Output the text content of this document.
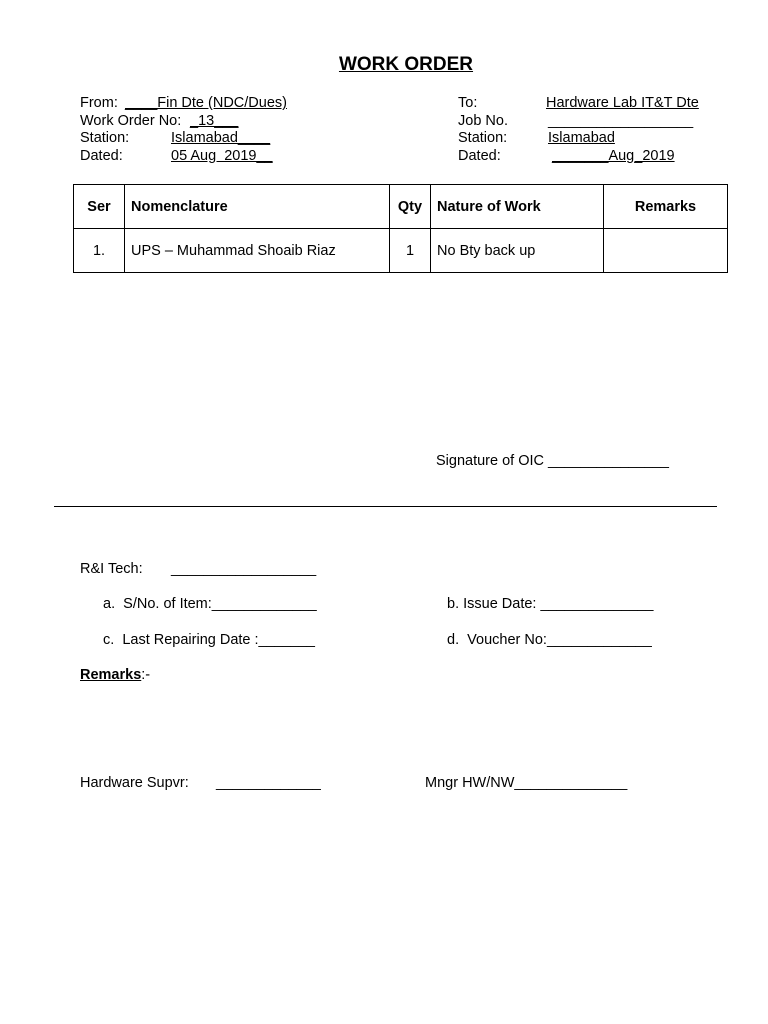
WORK ORDER
From: ____Fin Dte (NDC/Dues)
Work Order No: _13___
Station:	Islamabad____
Dated:	05 Aug  2019__
To:	Hardware Lab IT&T Dte
Job No.	__________________
Station:	Islamabad
Dated:	_______Aug_2019
Ser	Nomenclature	Qty	Nature of Work	Remarks
1.	UPS – Muhammad Shoaib Riaz	1	No Bty back up	
Signature of OIC _______________
R&I Tech: __________________
a.  S/No. of Item:_____________	b. Issue Date: ______________
c.  Last Repairing Date :_______	d.  Voucher No:_____________
Remarks:-
Hardware Supvr: _____________	Mngr HW/NW______________
